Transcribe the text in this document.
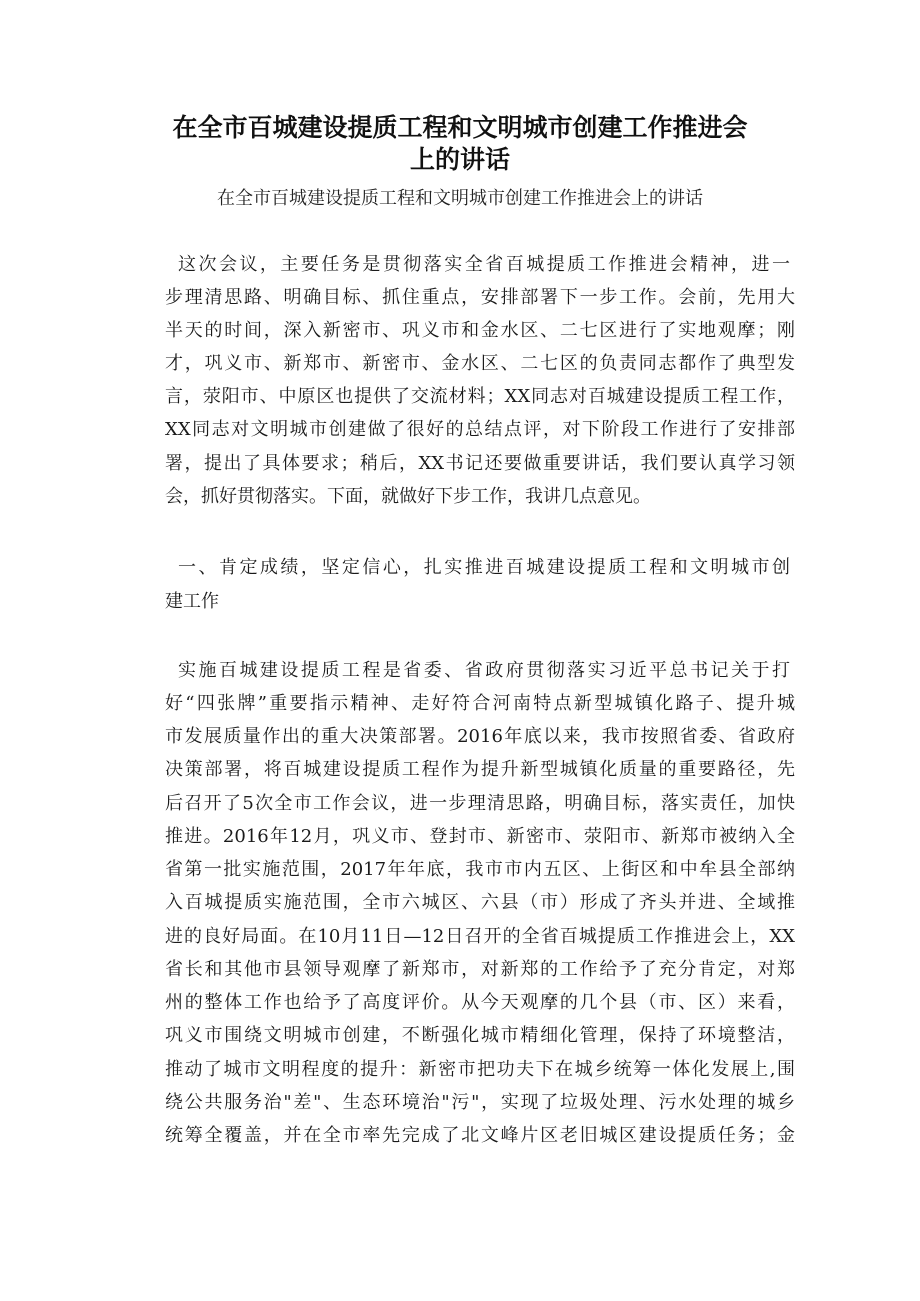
在全市百城建设提质工程和文明城市创建工作推进会
上的讲话
在全市百城建设提质工程和文明城市创建工作推进会上的讲话
这次会议，主要任务是贯彻落实全省百城提质工作推进会精神，进一
步理清思路、明确目标、抓住重点，安排部署下一步工作。会前，先用大
半天的时间，深入新密市、巩义市和金水区、二七区进行了实地观摩；刚
才，巩义市、新郑市、新密市、金水区、二七区的负责同志都作了典型发
言，荥阳市、中原区也提供了交流材料；XX同志对百城建设提质工程工作，
XX同志对文明城市创建做了很好的总结点评，对下阶段工作进行了安排部
署，提出了具体要求；稍后，XX书记还要做重要讲话，我们要认真学习领
会，抓好贯彻落实。下面，就做好下步工作，我讲几点意见。
一、肯定成绩，坚定信心，扎实推进百城建设提质工程和文明城市创
建工作
实施百城建设提质工程是省委、省政府贯彻落实习近平总书记关于打
好“四张牌”重要指示精神、走好符合河南特点新型城镇化路子、提升城
市发展质量作出的重大决策部署。2016年底以来，我市按照省委、省政府
决策部署，将百城建设提质工程作为提升新型城镇化质量的重要路径，先
后召开了5次全市工作会议，进一步理清思路，明确目标，落实责任，加快
推进。2016年12月，巩义市、登封市、新密市、荥阳市、新郑市被纳入全
省第一批实施范围，2017年年底，我市市内五区、上街区和中牟县全部纳
入百城提质实施范围，全市六城区、六县（市）形成了齐头并进、全域推
进的良好局面。在10月11日—12日召开的全省百城提质工作推进会上，XX
省长和其他市县领导观摩了新郑市，对新郑的工作给予了充分肯定，对郑
州的整体工作也给予了高度评价。从今天观摩的几个县（市、区）来看，
巩义市围绕文明城市创建，不断强化城市精细化管理，保持了环境整洁，
推动了城市文明程度的提升：新密市把功夫下在城乡统筹一体化发展上,围
绕公共服务治"差"、生态环境治"污"，实现了垃圾处理、污水处理的城乡
统筹全覆盖，并在全市率先完成了北文峰片区老旧城区建设提质任务；金
